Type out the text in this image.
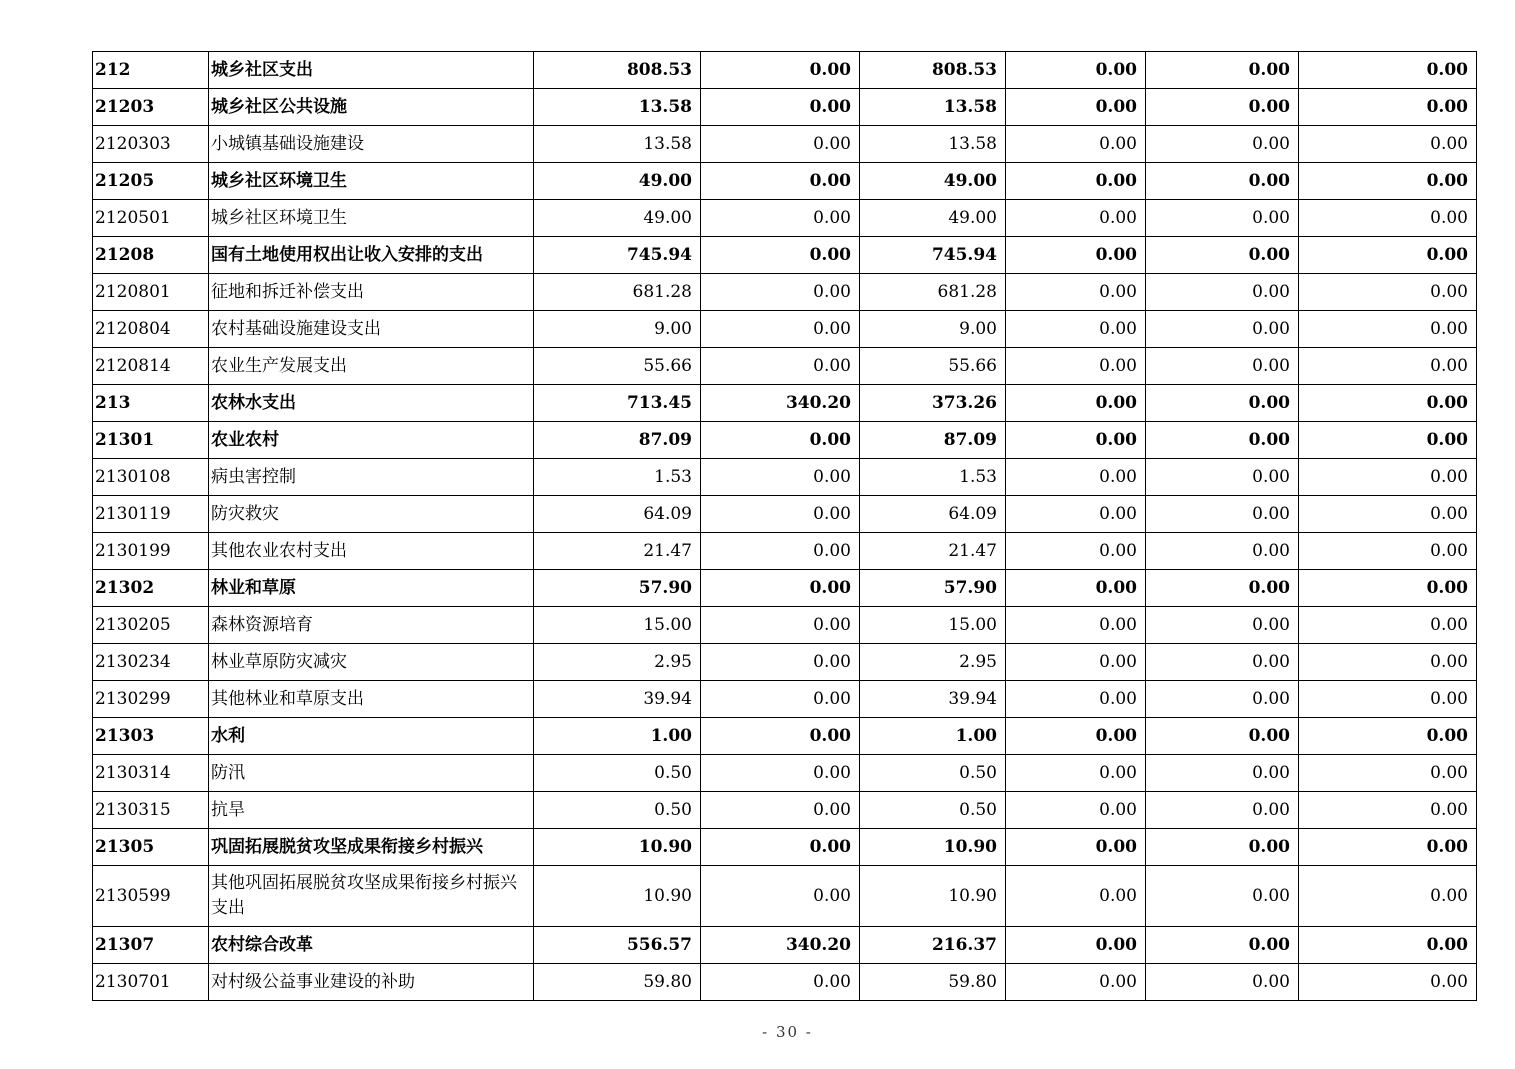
212	城乡社区支出	808.53	0.00	808.53	0.00	0.00	0.00
21203	城乡社区公共设施	13.58	0.00	13.58	0.00	0.00	0.00
2120303	小城镇基础设施建设	13.58	0.00	13.58	0.00	0.00	0.00
21205	城乡社区环境卫生	49.00	0.00	49.00	0.00	0.00	0.00
2120501	城乡社区环境卫生	49.00	0.00	49.00	0.00	0.00	0.00
21208	国有土地使用权出让收入安排的支出	745.94	0.00	745.94	0.00	0.00	0.00
2120801	征地和拆迁补偿支出	681.28	0.00	681.28	0.00	0.00	0.00
2120804	农村基础设施建设支出	9.00	0.00	9.00	0.00	0.00	0.00
2120814	农业生产发展支出	55.66	0.00	55.66	0.00	0.00	0.00
213	农林水支出	713.45	340.20	373.26	0.00	0.00	0.00
21301	农业农村	87.09	0.00	87.09	0.00	0.00	0.00
2130108	病虫害控制	1.53	0.00	1.53	0.00	0.00	0.00
2130119	防灾救灾	64.09	0.00	64.09	0.00	0.00	0.00
2130199	其他农业农村支出	21.47	0.00	21.47	0.00	0.00	0.00
21302	林业和草原	57.90	0.00	57.90	0.00	0.00	0.00
2130205	森林资源培育	15.00	0.00	15.00	0.00	0.00	0.00
2130234	林业草原防灾减灾	2.95	0.00	2.95	0.00	0.00	0.00
2130299	其他林业和草原支出	39.94	0.00	39.94	0.00	0.00	0.00
21303	水利	1.00	0.00	1.00	0.00	0.00	0.00
2130314	防汛	0.50	0.00	0.50	0.00	0.00	0.00
2130315	抗旱	0.50	0.00	0.50	0.00	0.00	0.00
21305	巩固拓展脱贫攻坚成果衔接乡村振兴	10.90	0.00	10.90	0.00	0.00	0.00
2130599	其他巩固拓展脱贫攻坚成果衔接乡村振兴支出	10.90	0.00	10.90	0.00	0.00	0.00
21307	农村综合改革	556.57	340.20	216.37	0.00	0.00	0.00
2130701	对村级公益事业建设的补助	59.80	0.00	59.80	0.00	0.00	0.00
- 30 -
